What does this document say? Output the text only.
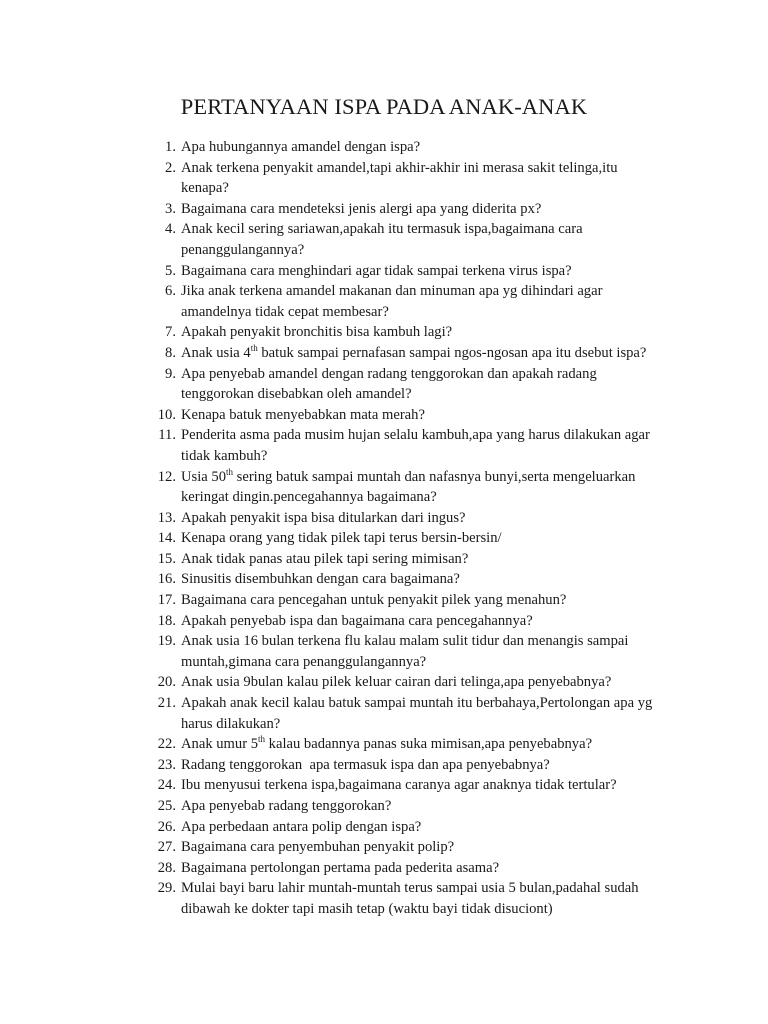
PERTANYAAN ISPA PADA ANAK-ANAK
1. Apa hubungannya amandel dengan ispa?
2. Anak terkena penyakit amandel,tapi akhir-akhir ini merasa sakit telinga,itu
kenapa?
3. Bagaimana cara mendeteksi jenis alergi apa yang diderita px?
4. Anak kecil sering sariawan,apakah itu termasuk ispa,bagaimana cara
penanggulangannya?
5. Bagaimana cara menghindari agar tidak sampai terkena virus ispa?
6. Jika anak terkena amandel makanan dan minuman apa yg dihindari agar
amandelnya tidak cepat membesar?
7. Apakah penyakit bronchitis bisa kambuh lagi?
8. Anak usia 4th batuk sampai pernafasan sampai ngos-ngosan apa itu dsebut ispa?
9. Apa penyebab amandel dengan radang tenggorokan dan apakah radang
tenggorokan disebabkan oleh amandel?
10. Kenapa batuk menyebabkan mata merah?
11. Penderita asma pada musim hujan selalu kambuh,apa yang harus dilakukan agar
tidak kambuh?
12. Usia 50th sering batuk sampai muntah dan nafasnya bunyi,serta mengeluarkan
keringat dingin.pencegahannya bagaimana?
13. Apakah penyakit ispa bisa ditularkan dari ingus?
14. Kenapa orang yang tidak pilek tapi terus bersin-bersin/
15. Anak tidak panas atau pilek tapi sering mimisan?
16. Sinusitis disembuhkan dengan cara bagaimana?
17. Bagaimana cara pencegahan untuk penyakit pilek yang menahun?
18. Apakah penyebab ispa dan bagaimana cara pencegahannya?
19. Anak usia 16 bulan terkena flu kalau malam sulit tidur dan menangis sampai
muntah,gimana cara penanggulangannya?
20. Anak usia 9bulan kalau pilek keluar cairan dari telinga,apa penyebabnya?
21. Apakah anak kecil kalau batuk sampai muntah itu berbahaya,Pertolongan apa yg
harus dilakukan?
22. Anak umur 5th kalau badannya panas suka mimisan,apa penyebabnya?
23. Radang tenggorokan  apa termasuk ispa dan apa penyebabnya?
24. Ibu menyusui terkena ispa,bagaimana caranya agar anaknya tidak tertular?
25. Apa penyebab radang tenggorokan?
26. Apa perbedaan antara polip dengan ispa?
27. Bagaimana cara penyembuhan penyakit polip?
28. Bagaimana pertolongan pertama pada pederita asama?
29. Mulai bayi baru lahir muntah-muntah terus sampai usia 5 bulan,padahal sudah
dibawah ke dokter tapi masih tetap (waktu bayi tidak disuciont)
